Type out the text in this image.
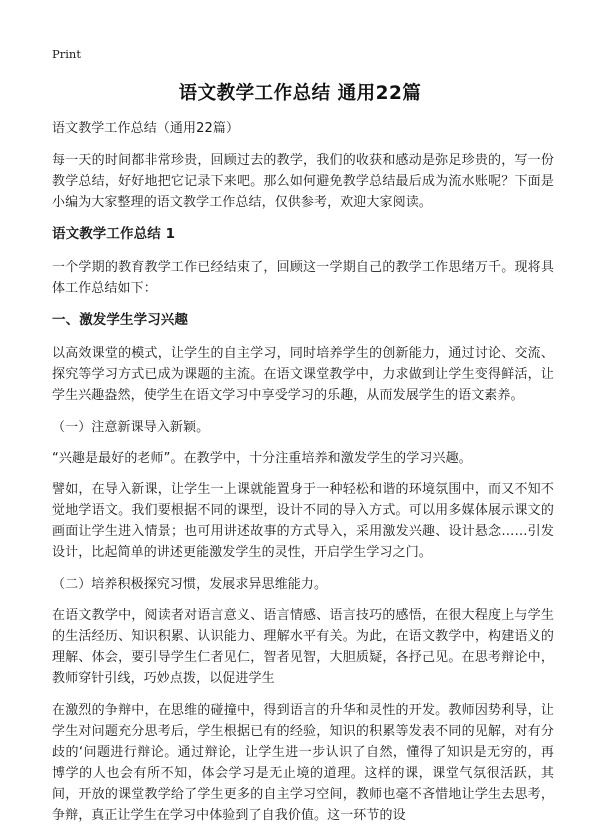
Print
语文教学工作总结 通用22篇

语文教学工作总结（通用22篇）

每一天的时间都非常珍贵，回顾过去的教学，我们的收获和感动是弥足珍贵的，写一份教学总结，好好地把它记录下来吧。那么如何避免教学总结最后成为流水账呢？下面是小编为大家整理的语文教学工作总结，仅供参考，欢迎大家阅读。

语文教学工作总结 1

一个学期的教育教学工作已经结束了，回顾这一学期自己的教学工作思绪万千。现将具体工作总结如下：

一、激发学生学习兴趣

以高效课堂的模式，让学生的自主学习，同时培养学生的创新能力，通过讨论、交流、探究等学习方式已成为课题的主流。在语文课堂教学中，力求做到让学生变得鲜活，让学生兴趣盎然，使学生在语文学习中享受学习的乐趣，从而发展学生的语文素养。

（一）注意新课导入新颖。

“兴趣是最好的老师”。在教学中，十分注重培养和激发学生的学习兴趣。

譬如，在导入新课，让学生一上课就能置身于一种轻松和谐的环境氛围中，而又不知不觉地学语文。我们要根据不同的课型，设计不同的导入方式。可以用多媒体展示课文的画面让学生进入情景；也可用讲述故事的方式导入，采用激发兴趣、设计悬念……引发设计，比起简单的讲述更能激发学生的灵性，开启学生学习之门。

（二）培养积极探究习惯，发展求异思维能力。

在语文教学中，阅读者对语言意义、语言情感、语言技巧的感悟，在很大程度上与学生的生活经历、知识积累、认识能力、理解水平有关。为此，在语文教学中，构建语义的理解、体会，要引导学生仁者见仁，智者见智，大胆质疑，各抒己见。在思考辩论中，教师穿针引线，巧妙点拨，以促进学生

在激烈的争辩中，在思维的碰撞中，得到语言的升华和灵性的开发。教师因势利导，让学生对问题充分思考后，学生根据已有的经验，知识的积累等发表不同的见解，对有分歧的‘问题进行辩论。通过辩论，让学生进一步认识了自然，懂得了知识是无穷的，再博学的人也会有所不知，体会学习是无止境的道理。这样的课，课堂气氛很活跃，其间，开放的课堂教学给了学生更多的自主学习空间，教师也毫不吝惜地让学生去思考，争辩，真正让学生在学习中体验到了自我价值。这一环节的设
